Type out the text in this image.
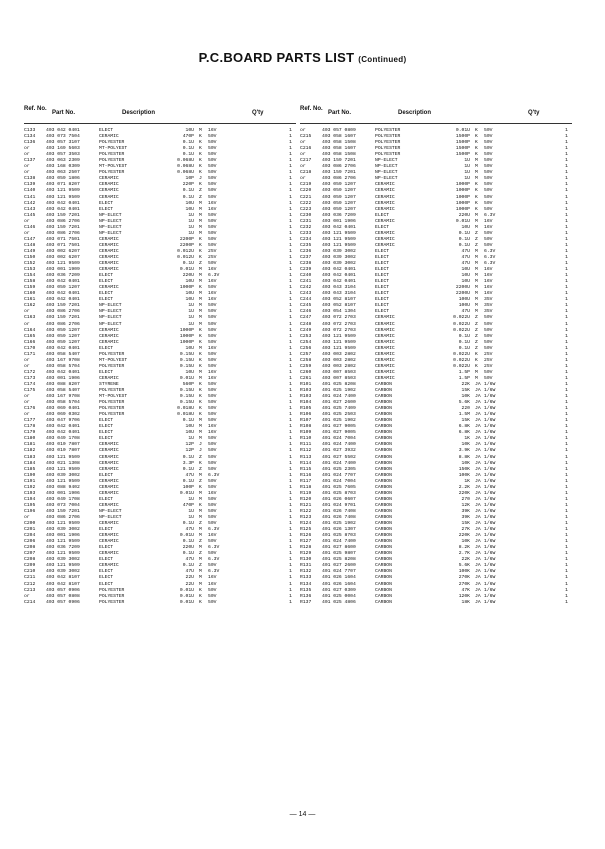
P.C.BOARD PARTS LIST (Continued)
Ref. No.
Part No.	Description	Q'ty
C133 403 042 0401	ELECT	10U M 16V	1
C134 403 073 7504	CERAMIC	470P K 50V	1
C136 403 057 3107	POLYESTER	0.1U K 50V	1
or	403 169 5603	MT-POLYEST	0.1U K 50V	1
or	403 057 3503	POLYESTER	0.1U K 50V	1
C137 403 063 2309	POLYESTER	0.068U K 50V	1
or	403 168 0309	MT-POLYEST	0.068U K 50V	1
or	403 063 2507	POLYESTER	0.068U K 50V	1
C138 403 059 1806	CERAMIC	10P J 50V	1
C139 403 071 8207	CERAMIC	220P K 50V	1
C140 403 121 9509	CERAMIC	0.1U Z 50V	1
C141 403 121 9509	CERAMIC	0.1U Z 50V	1
C142 403 042 0401	ELECT	10U M 16V	1
C143 403 042 0401	ELECT	10U M 16V	1
C145 403 159 7201	NP-ELECT	1U M 50V	1
or	403 086 2706	NP-ELECT	1U M 50V	1
C146 403 159 7201	NP-ELECT	1U M 50V	1
or	403 086 2706	NP-ELECT	1U M 50V	1
C147 403 071 7501	CERAMIC	2200P K 50V	1
C148 403 071 7501	CERAMIC	2200P K 50V	1
C149 403 002 6207	CERAMIC	0.012U K 25V	1
C150 403 002 6207	CERAMIC	0.012U K 25V	1
C152 403 121 9509	CERAMIC	0.1U Z 50V	1
C153 403 001 1909	CERAMIC	0.01U M 16V	1
C154 403 036 7209	ELECT	220U M 6.3V	1
C158 403 042 0401	ELECT	10U M 16V	1
C159 403 059 1207	CERAMIC	1000P K 50V	1
C160 403 042 0401	ELECT	10U M 16V	1
C161 403 042 0401	ELECT	10U M 16V	1
C162 403 159 7201	NP-ELECT	1U M 50V	1
or	403 086 2706	NP-ELECT	1U M 50V	1
C163 403 159 7201	NP-ELECT	1U M 50V	1
or	403 086 2706	NP-ELECT	1U M 50V	1
C164 403 059 1207	CERAMIC	1000P K 50V	1
C165 403 059 1207	CERAMIC	1000P K 50V	1
C166 403 059 1207	CERAMIC	1000P K 50V	1
C170 403 042 0401	ELECT	10U M 16V	1
C171 403 058 5407	POLYESTER	0.15U K 50V	1
or	403 167 9708	MT-POLYEST	0.15U K 50V	1
or	403 058 5704	POLYESTER	0.15U K 50V	1
C172 403 042 0401	ELECT	10U M 16V	1
C173 403 001 1906	CERAMIC	0.01U M 16V	1
C174 403 088 8207	STYRENE	560P K 50V	1
C175 403 058 5407	POLYESTER	0.15U K 50V	1
or	403 167 9708	MT-POLYEST	0.15U K 50V	1
or	403 058 5704	POLYESTER	0.15U K 50V	1
C176 403 069 0401	POLYESTER	0.018U K 50V	1
or	403 069 0302	POLYESTER	0.018U K 50V	1
C177 403 047 9706	ELECT	0.1U M 50V	1
C178 403 042 0401	ELECT	10U M 16V	1
C179 403 042 0401	ELECT	10U M 16V	1
C180 403 049 1708	ELECT	1U M 50V	1
C181 403 010 7807	CERAMIC	12P J 50V	1
C182 403 010 7807	CERAMIC	12P J 50V	1
C183 403 121 9509	CERAMIC	0.1U Z 50V	1
C184 403 021 1308	CERAMIC	3.3P K 50V	1
C185 403 121 9509	CERAMIC	0.1U Z 50V	1
C190 403 039 3002	ELECT	47U M 6.3V	1
C191 403 121 9509	CERAMIC	0.1U Z 50V	1
C192 403 088 9402	CERAMIC	100P K 50V	1
C193 403 001 1906	CERAMIC	0.01U M 16V	1
C194 403 049 1708	ELECT	1U M 50V	1
C195 403 073 7004	CERAMIC	470P K 50V	1
C196 403 159 7201	NP-ELECT	1U M 50V	1
or	403 086 2706	NP-ELECT	1U M 50V	1
C200 403 121 9509	CERAMIC	0.1U Z 50V	1
C201 403 039 3002	ELECT	47U M 6.3V	1
C204 403 001 1906	CERAMIC	0.01U M 16V	1
C206 403 121 9509	CERAMIC	0.1U Z 50V	1
C208 403 036 7209	ELECT	220U M 6.3V	1
C207 403 121 9509	CERAMIC	0.1U Z 50V	1
C208 403 039 3002	ELECT	47U M 6.3V	1
C209 403 121 9509	CERAMIC	0.1U Z 50V	1
C210 403 039 3002	ELECT	47U M 6.3V	1
C211 403 042 8107	ELECT	22U M 16V	1
C212 403 042 8107	ELECT	22U M 16V	1
C213 403 057 0906	POLYESTER	0.01U K 50V	1
or	403 057 0808	POLYESTER	0.01U K 50V	1
C214 403 057 0906	POLYESTER	0.01U K 50V	1
Ref. No.
Part No.	Description	Q'ty
or	403 057 0809	POLYESTER	0.01U K 50V	1
C215 403 058 1607	POLYESTER	1500P K 50V	1
or	403 058 1508	POLYESTER	1500P K 50V	1
C216 403 058 1607	POLYESTER	1500P K 50V	1
or	403 058 1508	POLYESTER	1500P K 50V	1
C217 403 159 7201	NP-ELECT	1U M 50V	1
or	403 086 2706	NP-ELECT	1U M 50V	1
C218 403 159 7201	NP-ELECT	1U M 50V	1
or	403 086 2706	NP-ELECT	1U M 50V	1
C219 403 059 1207	CERAMIC	1000P K 50V	1
C220 403 059 1207	CERAMIC	1000P K 50V	1
C221 403 059 1207	CERAMIC	1000P K 50V	1
C222 403 059 1207	CERAMIC	1000P K 50V	1
C223 403 059 1207	CERAMIC	1000P K 50V	1
C230 403 036 7209	ELECT	220U M 6.3V	1
C231 403 001 1906	CERAMIC	0.01U M 16V	1
C232 403 042 0401	ELECT	10U M 16V	1
C233 403 121 9509	CERAMIC	0.1U Z 50V	1
C234 403 121 9509	CERAMIC	0.1U Z 50V	1
C235 403 121 9509	CERAMIC	0.1U Z 50V	1
C236 403 039 3002	ELECT	47U M 6.3V	1
C237 403 039 3002	ELECT	47U M 6.3V	1
C238 403 039 3002	ELECT	47U M 6.3V	1
C239 403 042 0401	ELECT	10U M 16V	1
C240 403 042 0401	ELECT	10U M 16V	1
C241 403 042 0401	ELECT	10U M 16V	1
C242 403 043 3104	ELECT	2200U M 16V	1
C243 403 043 3104	ELECT	2200U M 16V	1
C244 403 052 8107	ELECT	100U M 35V	1
C245 403 052 8107	ELECT	100U M 35V	1
C246 403 054 1304	ELECT	47U M 35V	1
C247 403 072 2703	CERAMIC	0.022U Z 50V	1
C248 403 072 2703	CERAMIC	0.022U Z 50V	1
C249 403 072 2703	CERAMIC	0.022U Z 50V	1
C253 403 121 9509	CERAMIC	0.1U Z 50V	1
C254 403 121 9509	CERAMIC	0.1U Z 50V	1
C256 403 121 9509	CERAMIC	0.1U Z 50V	1
C257 403 003 2802	CERAMIC	0.022U K 25V	1
C258 403 003 2802	CERAMIC	0.022U K 25V	1
C259 403 003 2802	CERAMIC	0.022U K 25V	1
C260 403 007 8503	CERAMIC	1.5P M 50V	1
C261 403 007 8503	CERAMIC	1.5P M 50V	1
R101 401 025 8208	CARBON	22K JA 1/6W	1
R103 401 025 1902	CARBON	15K JA 1/6W	1
R103 401 024 7400	CARBON	10K JA 1/6W	1
R104 401 027 2600	CARBON	5.6K JA 1/6W	1
R105 401 025 7409	CARBON	220 JA 1/6W	1
R106 401 025 2503	CARBON	1.5M JA 1/6W	1
R107 401 025 1902	CARBON	15K JA 1/6W	1
R108 401 027 9005	CARBON	6.8K JA 1/6W	1
R109 401 027 9005	CARBON	6.8K JA 1/6W	1
R110 401 024 7004	CARBON	1K JA 1/6W	1
R111 401 024 7400	CARBON	10K JA 1/6W	1
R112 401 027 3932	CARBON	3.9K JA 1/6W	1
R113 401 027 5502	CARBON	8.8K JA 1/6W	1
R114 401 024 7400	CARBON	10K JA 1/6W	1
R115 401 025 2305	CARBON	150K JA 1/6W	1
R116 401 024 7707	CARBON	100K JA 1/6W	1
R117 401 024 7004	CARBON	1K JA 1/6W	1
R118 401 025 7605	CARBON	2.2K JA 1/6W	1
R119 401 025 8703	CARBON	220K JA 1/6W	1
R120 401 026 0607	CARBON	270 JA 1/6W	1
R121 401 024 9701	CARBON	12K JA 1/6W	1
R122 401 026 7408	CARBON	39K JA 1/6W	1
R123 401 026 7408	CARBON	39K JA 1/6W	1
R124 401 025 1902	CARBON	15K JA 1/6W	1
R125 401 026 1307	CARBON	27K JA 1/6W	1
R126 401 025 8703	CARBON	220K JA 1/6W	1
R127 401 024 7400	CARBON	10K JA 1/6W	1
R128 401 027 8600	CARBON	8.2K JA 1/6W	1
R129 401 025 9807	CARBON	2.7K JA 1/6W	1
R130 401 025 8208	CARBON	22K JA 1/6W	1
R131 401 027 2600	CARBON	5.6K JA 1/6W	1
R132 401 024 7707	CARBON	100K JA 1/6W	1
R133 401 026 1604	CARBON	270K JA 1/6W	1
R134 401 026 1604	CARBON	270K JA 1/6W	1
R135 401 027 0309	CARBON	47K JA 1/6W	1
R136 401 025 0004	CARBON	120K JA 1/6W	1
R137 401 025 4806	CARBON	18K JA 1/6W	1
— 14 —
